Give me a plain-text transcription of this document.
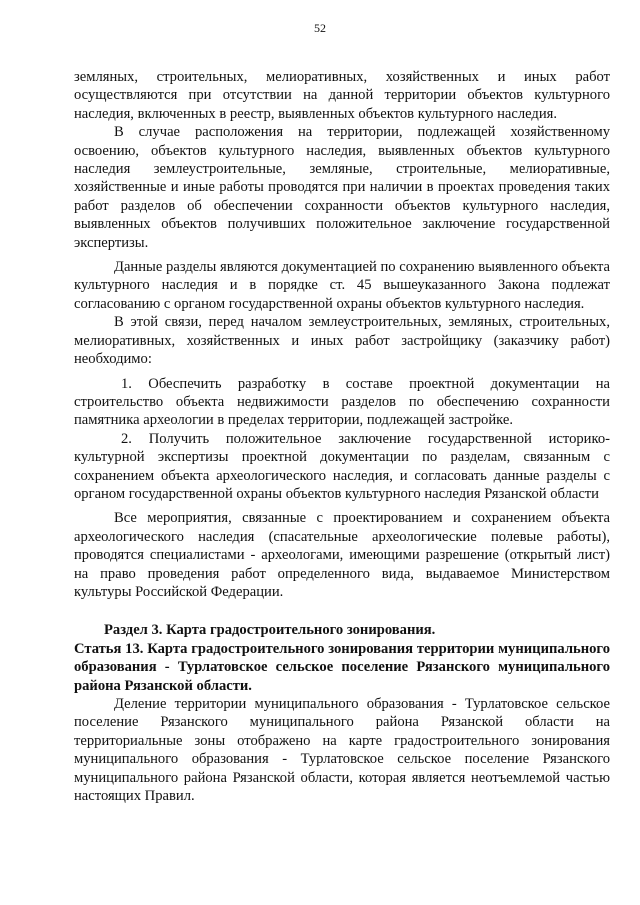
52

земляных, строительных, мелиоративных, хозяйственных и иных работ осуществляются при отсутствии на данной территории объектов культурного наследия, включенных в реестр, выявленных объектов культурного наследия.

В случае расположения на территории, подлежащей хозяйственному освоению, объектов культурного наследия, выявленных объектов культурного наследия землеустроительные, земляные, строительные, мелиоративные, хозяйственные и иные работы проводятся при наличии в проектах проведения таких работ разделов об обеспечении сохранности объектов культурного наследия, выявленных объектов получивших положительное заключение государственной экспертизы.

Данные разделы являются документацией по сохранению выявленного объекта культурного наследия и в порядке ст. 45 вышеуказанного Закона подлежат согласованию с органом государственной охраны объектов культурного наследия.

В этой связи, перед началом землеустроительных, земляных, строительных, мелиоративных, хозяйственных и иных работ застройщику (заказчику работ) необходимо:

1. Обеспечить разработку в составе проектной документации на строительство объекта недвижимости разделов по обеспечению сохранности памятника археологии в пределах территории, подлежащей застройке.

2. Получить положительное заключение государственной историко-культурной экспертизы проектной документации по разделам, связанным с сохранением объекта археологического наследия, и согласовать данные разделы с органом государственной охраны объектов культурного наследия Рязанской области

Все мероприятия, связанные с проектированием и сохранением объекта археологического наследия (спасательные археологические полевые работы), проводятся специалистами - археологами, имеющими разрешение (открытый лист) на право проведения работ определенного вида, выдаваемое Министерством культуры Российской Федерации.

Раздел 3. Карта градостроительного зонирования.

Статья 13. Карта градостроительного зонирования территории муниципального образования - Турлатовское сельское поселение Рязанского муниципального района Рязанской области.

Деление территории муниципального образования - Турлатовское сельское поселение Рязанского муниципального района Рязанской области на территориальные зоны отображено на карте градостроительного зонирования муниципального образования - Турлатовское сельское поселение Рязанского муниципального района Рязанской области, которая является неотъемлемой частью настоящих Правил.
